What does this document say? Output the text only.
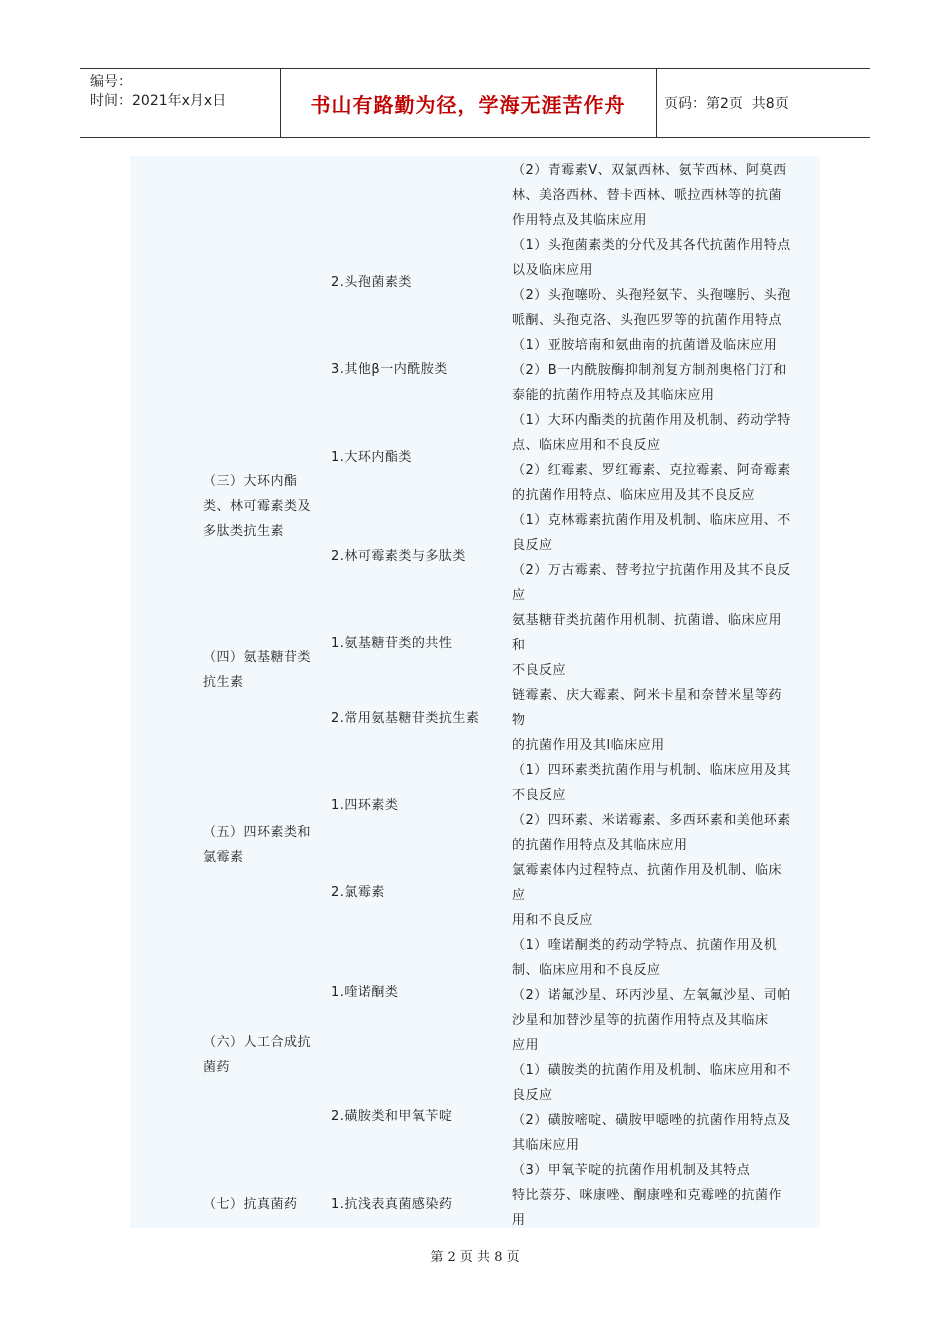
编号：
时间：2021年x月x日	书山有路勤为径，学海无涯苦作舟	页码：第2页  共8页
（三）大环内酯类、林可霉素类及多肽类抗生素
（四）氨基糖苷类抗生素
（五）四环素类和氯霉素
（六）人工合成抗菌药
（七）抗真菌药
2.头孢菌素类
3.其他β一内酰胺类
1.大环内酯类
2.林可霉素类与多肽类
1.氨基糖苷类的共性
2.常用氨基糖苷类抗生素
1.四环素类
2.氯霉素
1.喹诺酮类
2.磺胺类和甲氧苄啶
1.抗浅表真菌感染药
（2）青霉素V、双氯西林、氨苄西林、阿莫西
林、美洛西林、替卡西林、哌拉西林等的抗菌
作用特点及其临床应用
（1）头孢菌素类的分代及其各代抗菌作用特点
以及临床应用
（2）头孢噻吩、头孢羟氨苄、头孢噻肟、头孢
哌酮、头孢克洛、头孢匹罗等的抗菌作用特点
（1）亚胺培南和氨曲南的抗菌谱及临床应用
（2）B一内酰胺酶抑制剂复方制剂奥格门汀和
泰能的抗菌作用特点及其临床应用
（1）大环内酯类的抗菌作用及机制、药动学特
点、临床应用和不良反应
（2）红霉素、罗红霉素、克拉霉素、阿奇霉素
的抗菌作用特点、临床应用及其不良反应
（1）克林霉素抗菌作用及机制、临床应用、不
良反应
（2）万古霉素、替考拉宁抗菌作用及其不良反
应
氨基糖苷类抗菌作用机制、抗菌谱、临床应用
和
不良反应
链霉素、庆大霉素、阿米卡星和奈替米星等药
物
的抗菌作用及其l临床应用
（1）四环素类抗菌作用与机制、临床应用及其
不良反应
（2）四环素、米诺霉素、多西环素和美他环素
的抗菌作用特点及其临床应用
氯霉素体内过程特点、抗菌作用及机制、临床
应
用和不良反应
（1）喹诺酮类的药动学特点、抗菌作用及机
制、临床应用和不良反应
（2）诺氟沙星、环丙沙星、左氧氟沙星、司帕
沙星和加替沙星等的抗菌作用特点及其临床
应用
（1）磺胺类的抗菌作用及机制、临床应用和不
良反应
（2）磺胺嘧啶、磺胺甲噁唑的抗菌作用特点及
其临床应用
（3）甲氧苄啶的抗菌作用机制及其特点
特比萘芬、咪康唑、酮康唑和克霉唑的抗菌作
用
第 2 页 共 8 页
